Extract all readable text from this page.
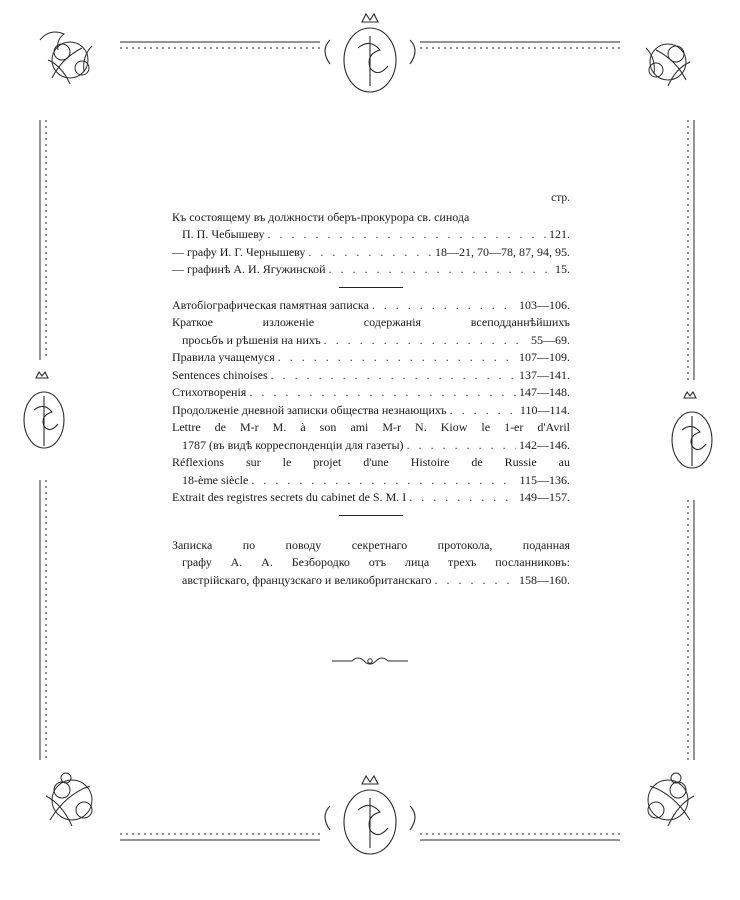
стр.
Къ состоящему въ должности оберъ-прокурора св. синода
П. П. Чебышеву . . .	121.
— графу И. Г. Чернышеву . . .	18—21, 70—78, 87, 94, 95.
— графинѣ А. И. Ягужинской . . .	15.
Автобіографическая памятная записка . . .	103—106.
Краткое изложеніе содержанія всеподданнѣйшихъ
просьбъ и рѣшенія на нихъ . . .	55—69.
Правила учащемуся . . .	107—109.
Sentences chinoises . . .	137—141.
Стихотворенія . . .	147—148.
Продолженіе дневной записки общества незнающихъ . . .	110—114.
Lettre de M-r M. à son ami M-r N. Kiow le 1-er d'Avril
1787 (въ видѣ корреспонденціи для газеты) . . .	142—146.
Réflexions sur le projet d'une Histoire de Russie au
18-ème siècle . . .	115—136.
Extrait des registres secrets du cabinet de S. M. I . . .	149—157.
Записка по поводу секретнаго протокола, поданная
графу А. А. Безбородко отъ лица трехъ посланниковъ:
австрійскаго, французскаго и великобританскаго . . .	158—160.
